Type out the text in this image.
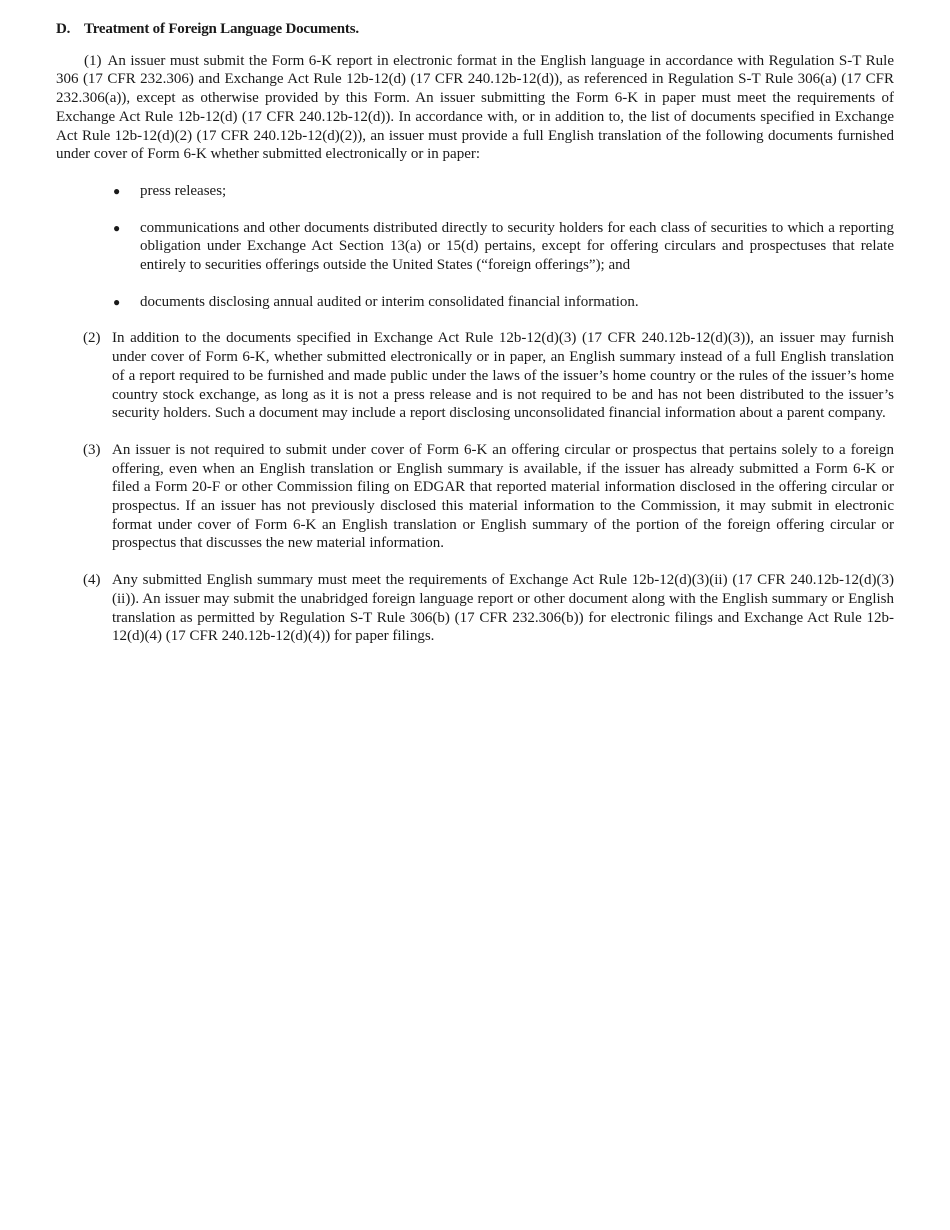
D. Treatment of Foreign Language Documents.

(1) An issuer must submit the Form 6-K report in electronic format in the English language in accordance with Regulation S-T Rule 306 (17 CFR 232.306) and Exchange Act Rule 12b-12(d) (17 CFR 240.12b-12(d)), as referenced in Regulation S-T Rule 306(a) (17 CFR 232.306(a)), except as otherwise provided by this Form. An issuer submitting the Form 6-K in paper must meet the requirements of Exchange Act Rule 12b-12(d) (17 CFR 240.12b-12(d)). In accordance with, or in addition to, the list of documents specified in Exchange Act Rule 12b-12(d)(2) (17 CFR 240.12b-12(d)(2)), an issuer must provide a full English translation of the following documents furnished under cover of Form 6-K whether submitted electronically or in paper:

● press releases;
● communications and other documents distributed directly to security holders for each class of securities to which a reporting obligation under Exchange Act Section 13(a) or 15(d) pertains, except for offering circulars and prospectuses that relate entirely to securities offerings outside the United States (“foreign offerings”); and
● documents disclosing annual audited or interim consolidated financial information.

(2) In addition to the documents specified in Exchange Act Rule 12b-12(d)(3) (17 CFR 240.12b-12(d)(3)), an issuer may furnish under cover of Form 6-K, whether submitted electronically or in paper, an English summary instead of a full English translation of a report required to be furnished and made public under the laws of the issuer’s home country or the rules of the issuer’s home country stock exchange, as long as it is not a press release and is not required to be and has not been distributed to the issuer’s security holders. Such a document may include a report disclosing unconsolidated financial information about a parent company.

(3) An issuer is not required to submit under cover of Form 6-K an offering circular or prospectus that pertains solely to a foreign offering, even when an English translation or English summary is available, if the issuer has already submitted a Form 6-K or filed a Form 20-F or other Commission filing on EDGAR that reported material information disclosed in the offering circular or prospectus. If an issuer has not previously disclosed this material information to the Commission, it may submit in electronic format under cover of Form 6-K an English translation or English summary of the portion of the foreign offering circular or prospectus that discusses the new material information.

(4) Any submitted English summary must meet the requirements of Exchange Act Rule 12b-12(d)(3)(ii) (17 CFR 240.12b-12(d)(3)(ii)). An issuer may submit the unabridged foreign language report or other document along with the English summary or English translation as permitted by Regulation S-T Rule 306(b) (17 CFR 232.306(b)) for electronic filings and Exchange Act Rule 12b-12(d)(4) (17 CFR 240.12b-12(d)(4)) for paper filings.
